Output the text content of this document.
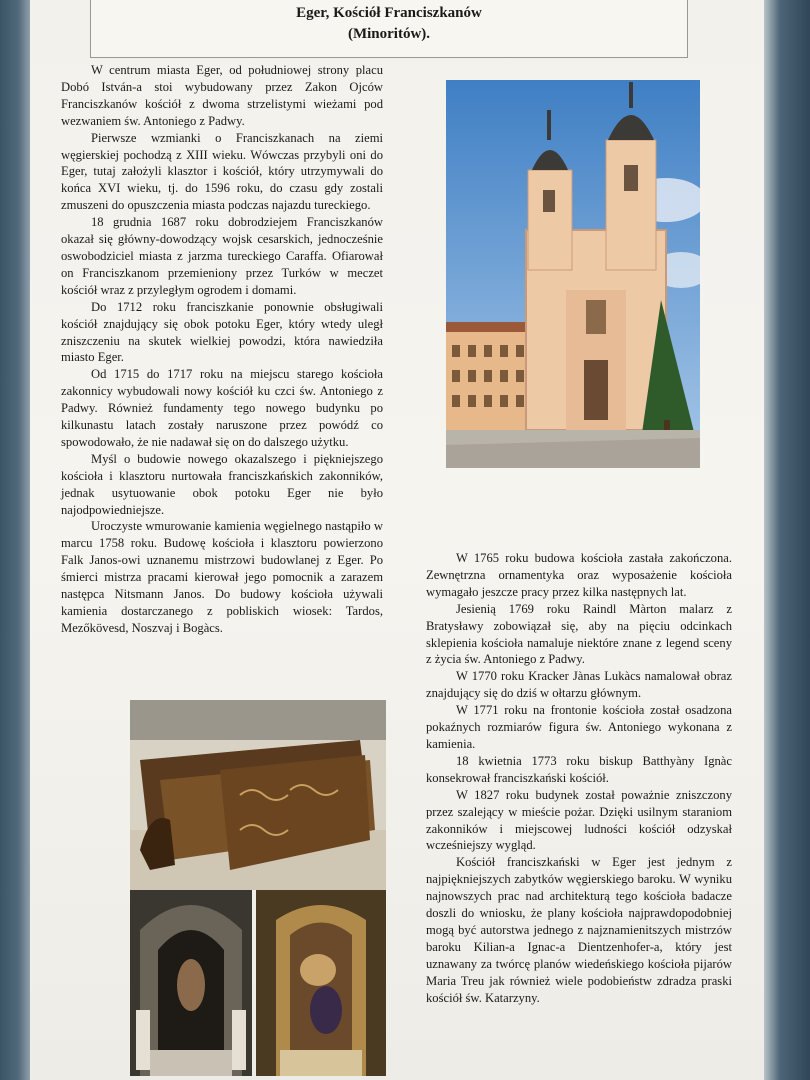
Eger, Kościół Franciszkanów
(Minoritów).

W centrum miasta Eger, od południowej strony placu Dobó István-a stoi wybudowany przez Zakon Ojców Franciszkanów kościół z dwoma strzelistymi wieżami pod wezwaniem św. Antoniego z Padwy.

Pierwsze wzmianki o Franciszkanach na ziemi węgierskiej pochodzą z XIII wieku. Wówczas przybyli oni do Eger, tutaj założyli klasztor i kościół, który utrzymywali do końca XVI wieku, tj. do 1596 roku, do czasu gdy zostali zmuszeni do opuszczenia miasta podczas najazdu tureckiego.

18 grudnia 1687 roku dobrodziejem Franciszkanów okazał się główny-dowodzący wojsk cesarskich, jednocześnie oswobodziciel miasta z jarzma tureckiego Caraffa. Ofiarował on Franciszkanom przemieniony przez Turków w meczet kościół wraz z przyległym ogrodem i domami.

Do 1712 roku franciszkanie ponownie obsługiwali kościół znajdujący się obok potoku Eger, który wtedy uległ zniszczeniu na skutek wielkiej powodzi, która nawiedziła miasto Eger.

Od 1715 do 1717 roku na miejscu starego kościoła zakonnicy wybudowali nowy kościół ku czci św. Antoniego z Padwy. Również fundamenty tego nowego budynku po kilkunastu latach zostały naruszone przez powódź co spowodowało, że nie nadawał się on do dalszego użytku.

Myśl o budowie nowego okazalszego i piękniejszego kościoła i klasztoru nurtowała franciszkańskich zakonników, jednak usytuowanie obok potoku Eger nie było najodpowiedniejsze.

Uroczyste wmurowanie kamienia węgielnego nastąpiło w marcu 1758 roku. Budowę kościoła i klasztoru powierzono Falk Janos-owi uznanemu mistrzowi budowlanej z Eger. Po śmierci mistrza pracami kierował jego pomocnik a zarazem następca Nitsmann Janos. Do budowy kościoła używali kamienia dostarczanego z pobliskich wiosek: Tardos, Mezőkövesd, Noszvaj i Bogàcs.

W 1765 roku budowa kościoła zastała zakończona. Zewnętrzna ornamentyka oraz wyposażenie kościoła wymagało jeszcze pracy przez kilka następnych lat.

Jesienią 1769 roku Raindl Màrton malarz z Bratysławy zobowiązał się, aby na pięciu odcinkach sklepienia kościoła namaluje niektóre znane z legend sceny z życia św. Antoniego z Padwy.

W 1770 roku Kracker Jànas Lukàcs namalował obraz znajdujący się do dziś w ołtarzu głównym.

W 1771 roku na frontonie kościoła został osadzona pokaźnych rozmiarów figura św. Antoniego wykonana z kamienia.

18 kwietnia 1773 roku biskup Batthyàny Ignàc konsekrował franciszkański kościół.

W 1827 roku budynek został poważnie zniszczony przez szalejący w mieście pożar. Dzięki usilnym staraniom zakonników i miejscowej ludności kościół odzyskał wcześniejszy wygląd.

Kościół franciszkański w Eger jest jednym z najpiękniejszych zabytków węgierskiego baroku. W wyniku najnowszych prac nad architekturą tego kościoła badacze doszli do wniosku, że plany kościoła najprawdopodobniej mogą być autorstwa jednego z najznamienitszych mistrzów baroku Kilian-a Ignac-a Dientzenhofer-a, który jest uznawany za twórcę planów wiedeńskiego kościoła pijarów Maria Treu jak również wiele podobieństw zdradza praski kościół św. Katarzyny.
